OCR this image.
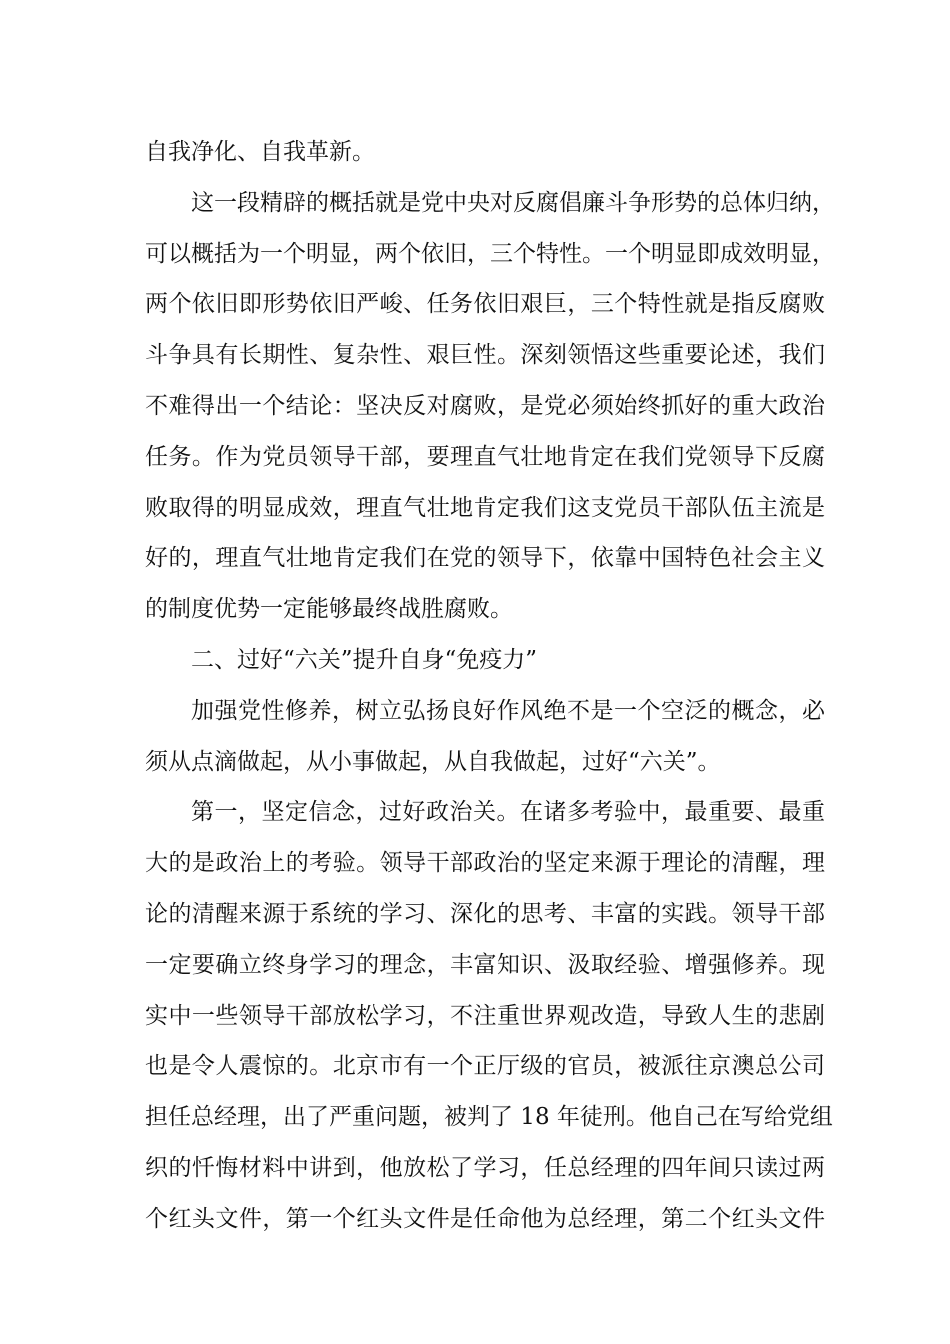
自我净化、自我革新。
这一段精辟的概括就是党中央对反腐倡廉斗争形势的总体归纳，
可以概括为一个明显，两个依旧，三个特性。一个明显即成效明显，
两个依旧即形势依旧严峻、任务依旧艰巨，三个特性就是指反腐败
斗争具有长期性、复杂性、艰巨性。深刻领悟这些重要论述，我们
不难得出一个结论：坚决反对腐败，是党必须始终抓好的重大政治
任务。作为党员领导干部，要理直气壮地肯定在我们党领导下反腐
败取得的明显成效，理直气壮地肯定我们这支党员干部队伍主流是
好的，理直气壮地肯定我们在党的领导下，依靠中国特色社会主义
的制度优势一定能够最终战胜腐败。
二、过好“六关”提升自身“免疫力”
加强党性修养，树立弘扬良好作风绝不是一个空泛的概念，必
须从点滴做起，从小事做起，从自我做起，过好“六关”。
第一，坚定信念，过好政治关。在诸多考验中，最重要、最重
大的是政治上的考验。领导干部政治的坚定来源于理论的清醒，理
论的清醒来源于系统的学习、深化的思考、丰富的实践。领导干部
一定要确立终身学习的理念，丰富知识、汲取经验、增强修养。现
实中一些领导干部放松学习，不注重世界观改造，导致人生的悲剧
也是令人震惊的。北京市有一个正厅级的官员，被派往京澳总公司
担任总经理，出了严重问题，被判了 18 年徒刑。他自己在写给党组
织的忏悔材料中讲到，他放松了学习，任总经理的四年间只读过两
个红头文件，第一个红头文件是任命他为总经理，第二个红头文件
